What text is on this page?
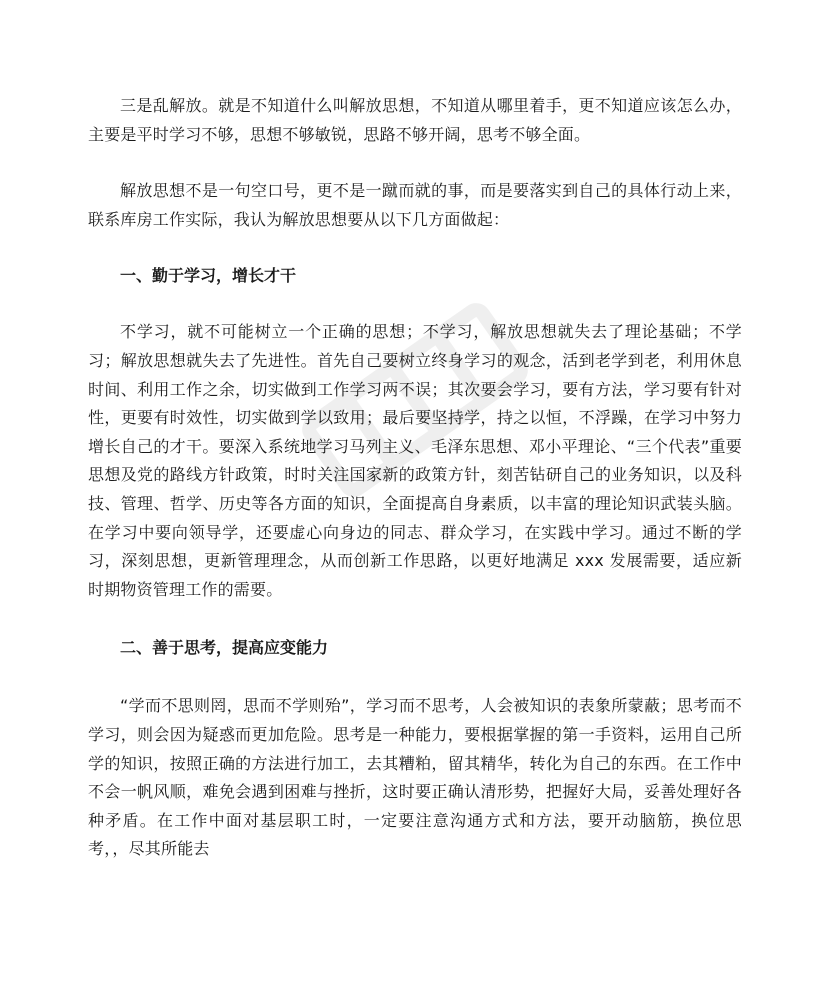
三是乱解放。就是不知道什么叫解放思想，不知道从哪里着手，更不知道应该怎么办，主要是平时学习不够，思想不够敏锐，思路不够开阔，思考不够全面。

解放思想不是一句空口号，更不是一蹴而就的事，而是要落实到自己的具体行动上来，联系库房工作实际，我认为解放思想要从以下几方面做起：

一、勤于学习，增长才干

不学习，就不可能树立一个正确的思想；不学习，解放思想就失去了理论基础；不学习；解放思想就失去了先进性。首先自己要树立终身学习的观念，活到老学到老，利用休息时间、利用工作之余，切实做到工作学习两不误；其次要会学习，要有方法，学习要有针对性，更要有时效性，切实做到学以致用；最后要坚持学，持之以恒，不浮躁，在学习中努力增长自己的才干。要深入系统地学习马列主义、毛泽东思想、邓小平理论、“三个代表”重要思想及党的路线方针政策，时时关注国家新的政策方针，刻苦钻研自己的业务知识，以及科技、管理、哲学、历史等各方面的知识，全面提高自身素质，以丰富的理论知识武装头脑。在学习中要向领导学，还要虚心向身边的同志、群众学习，在实践中学习。通过不断的学习，深刻思想，更新管理理念，从而创新工作思路，以更好地满足 xxx 发展需要，适应新时期物资管理工作的需要。

二、善于思考，提高应变能力

“学而不思则罔，思而不学则殆”，学习而不思考，人会被知识的表象所蒙蔽；思考而不学习，则会因为疑惑而更加危险。思考是一种能力，要根据掌握的第一手资料，运用自己所学的知识，按照正确的方法进行加工，去其糟粕，留其精华，转化为自己的东西。在工作中不会一帆风顺，难免会遇到困难与挫折，这时要正确认清形势，把握好大局，妥善处理好各种矛盾。在工作中面对基层职工时，一定要注意沟通方式和方法，要开动脑筋，换位思考，，尽其所能去
